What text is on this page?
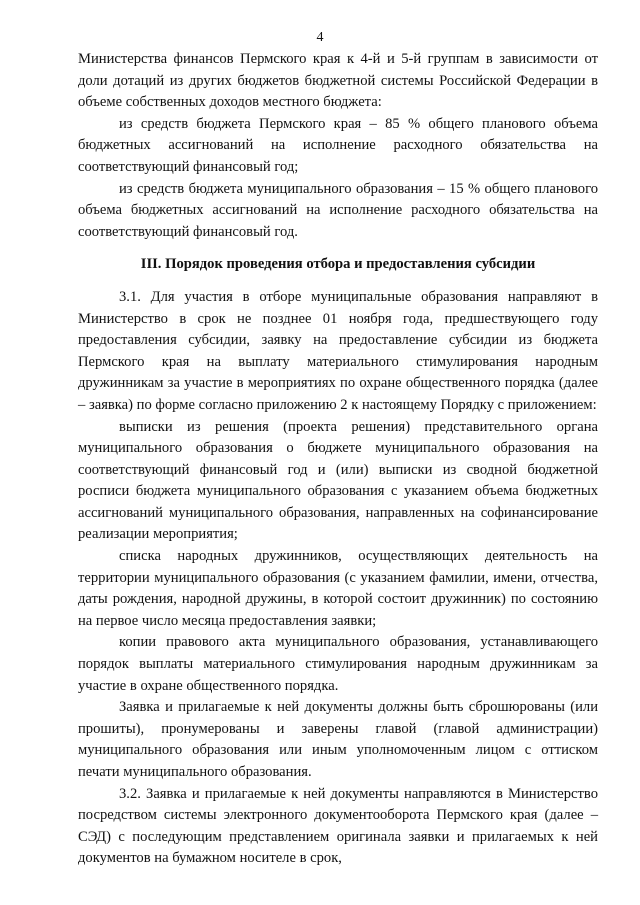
4

Министерства финансов Пермского края к 4-й и 5-й группам в зависимости от доли дотаций из других бюджетов бюджетной системы Российской Федерации в объеме собственных доходов местного бюджета:

из средств бюджета Пермского края – 85 % общего планового объема бюджетных ассигнований на исполнение расходного обязательства на соответствующий финансовый год;

из средств бюджета муниципального образования – 15 % общего планового объема бюджетных ассигнований на исполнение расходного обязательства на соответствующий финансовый год.

III. Порядок проведения отбора и предоставления субсидии

3.1. Для участия в отборе муниципальные образования направляют в Министерство в срок не позднее 01 ноября года, предшествующего году предоставления субсидии, заявку на предоставление субсидии из бюджета Пермского края на выплату материального стимулирования народным дружинникам за участие в мероприятиях по охране общественного порядка (далее – заявка) по форме согласно приложению 2 к настоящему Порядку с приложением:

выписки из решения (проекта решения) представительного органа муниципального образования о бюджете муниципального образования на соответствующий финансовый год и (или) выписки из сводной бюджетной росписи бюджета муниципального образования с указанием объема бюджетных ассигнований муниципального образования, направленных на софинансирование реализации мероприятия;

списка народных дружинников, осуществляющих деятельность на территории муниципального образования (с указанием фамилии, имени, отчества, даты рождения, народной дружины, в которой состоит дружинник) по состоянию на первое число месяца предоставления заявки;

копии правового акта муниципального образования, устанавливающего порядок выплаты материального стимулирования народным дружинникам за участие в охране общественного порядка.

Заявка и прилагаемые к ней документы должны быть сброшюрованы (или прошиты), пронумерованы и заверены главой (главой администрации) муниципального образования или иным уполномоченным лицом с оттиском печати муниципального образования.

3.2. Заявка и прилагаемые к ней документы направляются в Министерство посредством системы электронного документооборота Пермского края (далее – СЭД) с последующим представлением оригинала заявки и прилагаемых к ней документов на бумажном носителе в срок,
